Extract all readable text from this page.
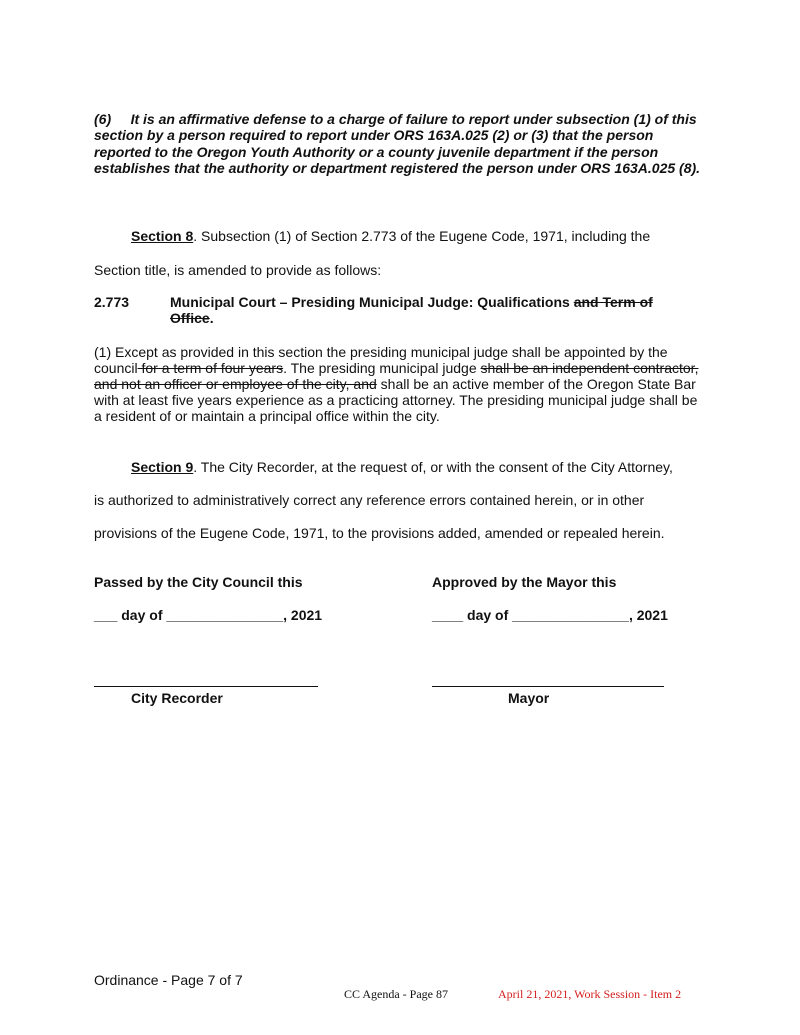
(6) It is an affirmative defense to a charge of failure to report under subsection (1) of this section by a person required to report under ORS 163A.025 (2) or (3) that the person reported to the Oregon Youth Authority or a county juvenile department if the person establishes that the authority or department registered the person under ORS 163A.025 (8).
Section 8. Subsection (1) of Section 2.773 of the Eugene Code, 1971, including the
Section title, is amended to provide as follows:
2.773	Municipal Court – Presiding Municipal Judge: Qualifications and Term of Office.
(1) Except as provided in this section the presiding municipal judge shall be appointed by the council for a term of four years. The presiding municipal judge shall be an independent contractor, and not an officer or employee of the city, and shall be an active member of the Oregon State Bar with at least five years experience as a practicing attorney. The presiding municipal judge shall be a resident of or maintain a principal office within the city.
Section 9. The City Recorder, at the request of, or with the consent of the City Attorney,
is authorized to administratively correct any reference errors contained herein, or in other
provisions of the Eugene Code, 1971, to the provisions added, amended or repealed herein.
Passed by the City Council this	Approved by the Mayor this
___ day of _______________, 2021	____ day of _______________, 2021
City Recorder	Mayor
Ordinance - Page 7 of 7
CC Agenda - Page 87	April 21, 2021, Work Session - Item 2
